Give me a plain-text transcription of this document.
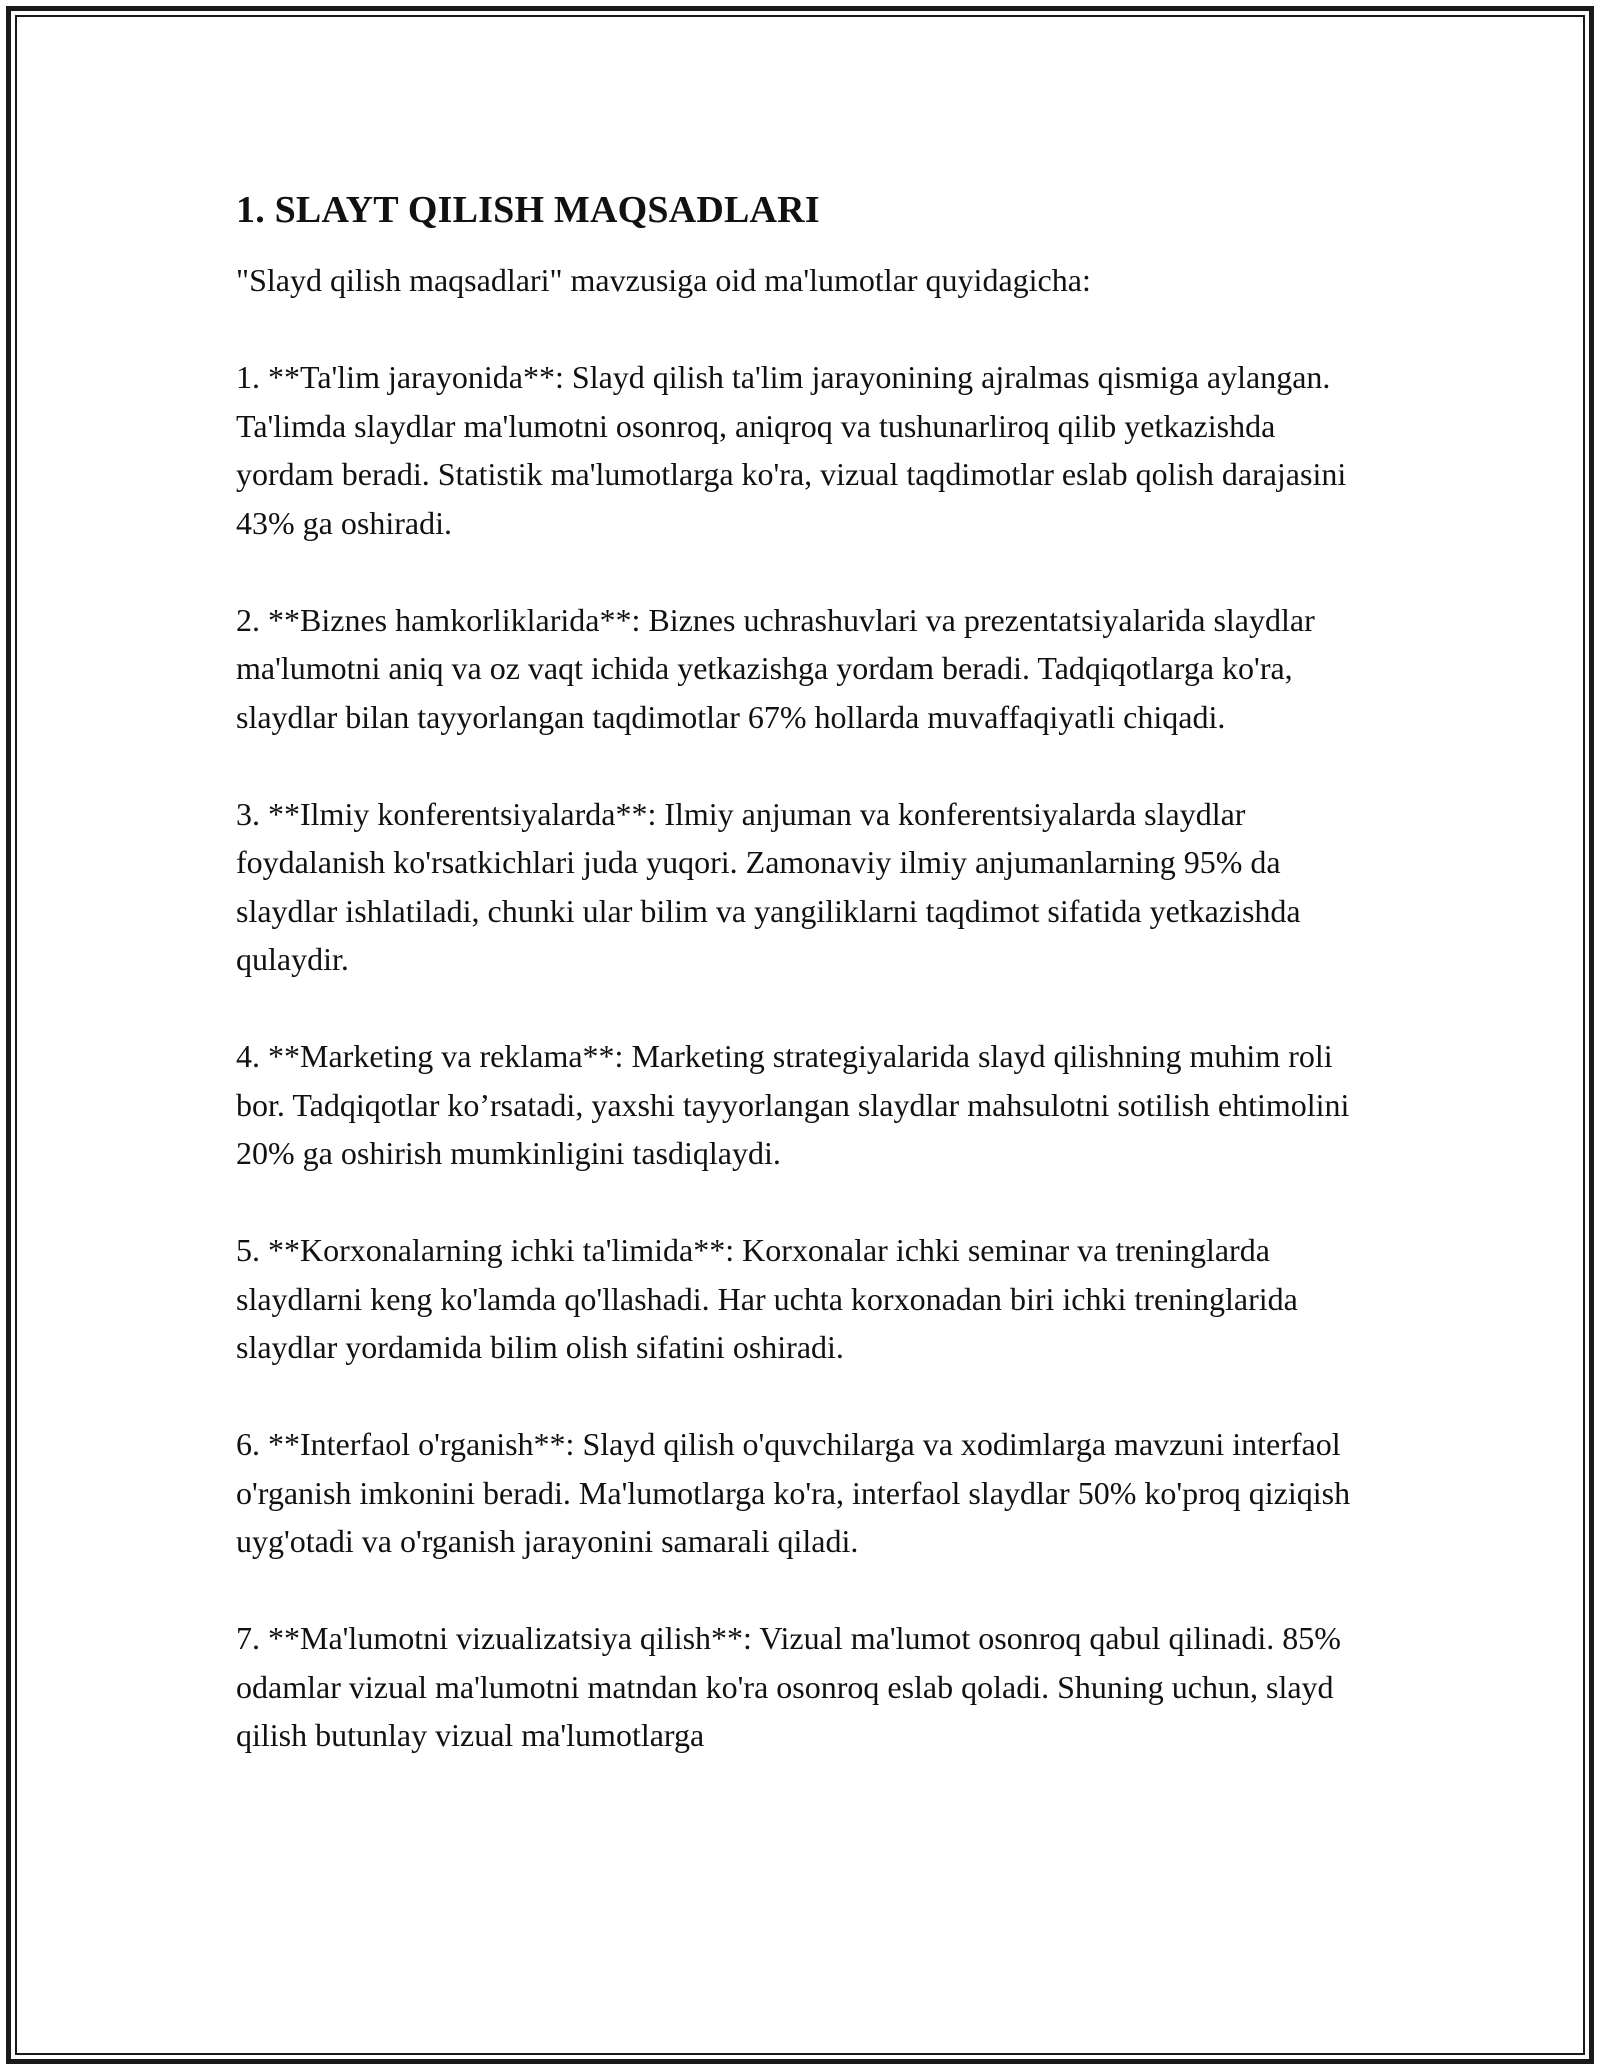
1. SLAYT QILISH MAQSADLARI

"Slayd qilish maqsadlari" mavzusiga oid ma'lumotlar quyidagicha:

1. **Ta'lim jarayonida**: Slayd qilish ta'lim jarayonining ajralmas qismiga aylangan. Ta'limda slaydlar ma'lumotni osonroq, aniqroq va tushunarliroq qilib yetkazishda yordam beradi. Statistik ma'lumotlarga ko'ra, vizual taqdimotlar eslab qolish darajasini 43% ga oshiradi.

2. **Biznes hamkorliklarida**: Biznes uchrashuvlari va prezentatsiyalarida slaydlar ma'lumotni aniq va oz vaqt ichida yetkazishga yordam beradi. Tadqiqotlarga ko'ra, slaydlar bilan tayyorlangan taqdimotlar 67% hollarda muvaffaqiyatli chiqadi.

3. **Ilmiy konferentsiyalarda**: Ilmiy anjuman va konferentsiyalarda slaydlar foydalanish ko'rsatkichlari juda yuqori. Zamonaviy ilmiy anjumanlarning 95% da slaydlar ishlatiladi, chunki ular bilim va yangiliklarni taqdimot sifatida yetkazishda qulaydir.

4. **Marketing va reklama**: Marketing strategiyalarida slayd qilishning muhim roli bor. Tadqiqotlar ko’rsatadi, yaxshi tayyorlangan slaydlar mahsulotni sotilish ehtimolini 20% ga oshirish mumkinligini tasdiqlaydi.

5. **Korxonalarning ichki ta'limida**: Korxonalar ichki seminar va treninglarda slaydlarni keng ko'lamda qo'llashadi. Har uchta korxonadan biri ichki treninglarida slaydlar yordamida bilim olish sifatini oshiradi.

6. **Interfaol o'rganish**: Slayd qilish o'quvchilarga va xodimlarga mavzuni interfaol o'rganish imkonini beradi. Ma'lumotlarga ko'ra, interfaol slaydlar 50% ko'proq qiziqish uyg'otadi va o'rganish jarayonini samarali qiladi.

7. **Ma'lumotni vizualizatsiya qilish**: Vizual ma'lumot osonroq qabul qilinadi. 85% odamlar vizual ma'lumotni matndan ko'ra osonroq eslab qoladi. Shuning uchun, slayd qilish butunlay vizual ma'lumotlarga
